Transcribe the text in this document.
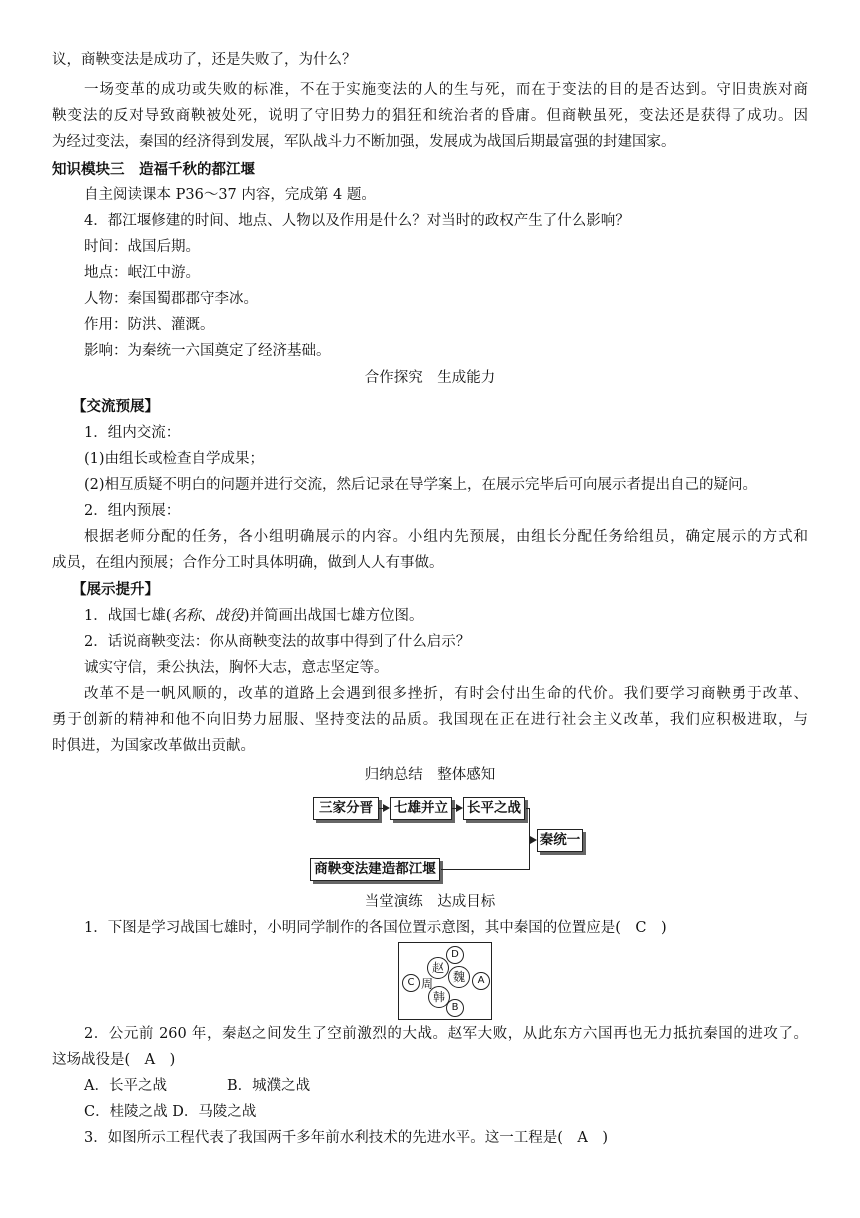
议，商鞅变法是成功了，还是失败了，为什么？
一场变革的成功或失败的标准，不在于实施变法的人的生与死，而在于变法的目的是否达到。守旧贵族对商
鞅变法的反对导致商鞅被处死，说明了守旧势力的猖狂和统治者的昏庸。但商鞅虽死，变法还是获得了成功。因
为经过变法，秦国的经济得到发展，军队战斗力不断加强，发展成为战国后期最富强的封建国家。
知识模块三　造福千秋的都江堰
自主阅读课本 P36～37 内容，完成第 4 题。
4．都江堰修建的时间、地点、人物以及作用是什么？对当时的政权产生了什么影响？
时间：战国后期。
地点：岷江中游。
人物：秦国蜀郡郡守李冰。
作用：防洪、灌溉。
影响：为秦统一六国奠定了经济基础。
合作探究　生成能力
【交流预展】
1．组内交流：
(1)由组长或检查自学成果；
(2)相互质疑不明白的问题并进行交流，然后记录在导学案上，在展示完毕后可向展示者提出自己的疑问。
2．组内预展：
根据老师分配的任务，各小组明确展示的内容。小组内先预展，由组长分配任务给组员，确定展示的方式和
成员，在组内预展；合作分工时具体明确，做到人人有事做。
【展示提升】
1．战国七雄(名称、战役)并简画出战国七雄方位图。
2．话说商鞅变法：你从商鞅变法的故事中得到了什么启示？
诚实守信，秉公执法，胸怀大志，意志坚定等。
改革不是一帆风顺的，改革的道路上会遇到很多挫折，有时会付出生命的代价。我们要学习商鞅勇于改革、
勇于创新的精神和他不向旧势力屈服、坚持变法的品质。我国现在正在进行社会主义改革，我们应积极进取，与
时俱进，为国家改革做出贡献。
归纳总结　整体感知
三家分晋	七雄并立 长平之战
商鞅变法建造都江堰
秦统一
当堂演练　达成目标
1．下图是学习战国七雄时，小明同学制作的各国位置示意图，其中秦国的位置应是(　C　)
D
赵
C 周	魏	A
韩
B
2．公元前 260 年，秦赵之间发生了空前激烈的大战。赵军大败，从此东方六国再也无力抵抗秦国的进攻了。
这场战役是(　A　)
A．长平之战	B．城濮之战
C．桂陵之战 D．马陵之战
3．如图所示工程代表了我国两千多年前水利技术的先进水平。这一工程是(　A　)
